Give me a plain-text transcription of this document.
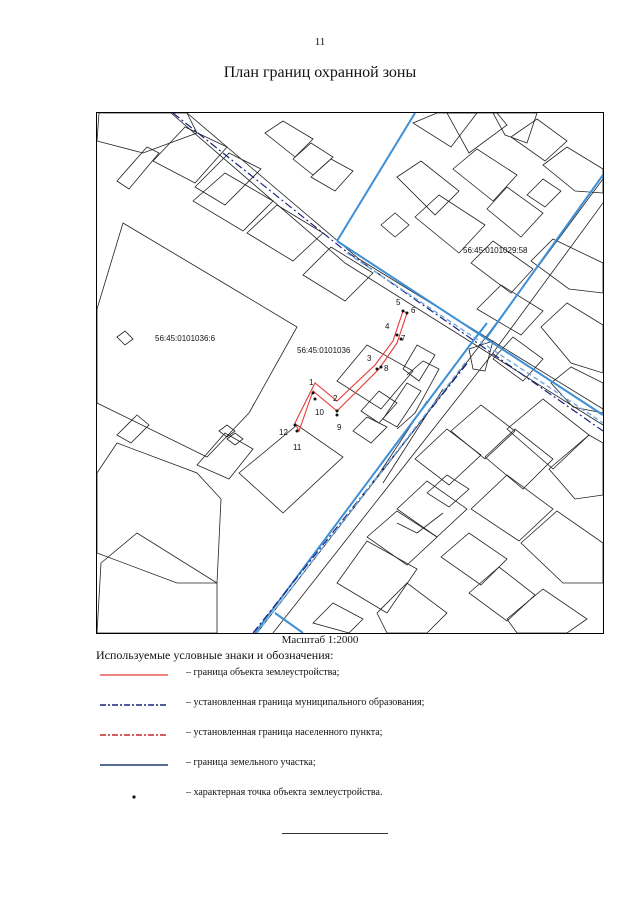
11
План границ охранной зоны
56:45:0101029:58
56:45:0101036:6
56:45:0101036
1
2
3
4
5
6
7
8
9
10
11
12
Масштаб 1:2000
Используемые условные знаки и обозначения:
– граница объекта землеустройства;
– установленная граница муниципального образования;
– установленная граница населенного пункта;
– граница земельного участка;
– характерная точка объекта землеустройства.
